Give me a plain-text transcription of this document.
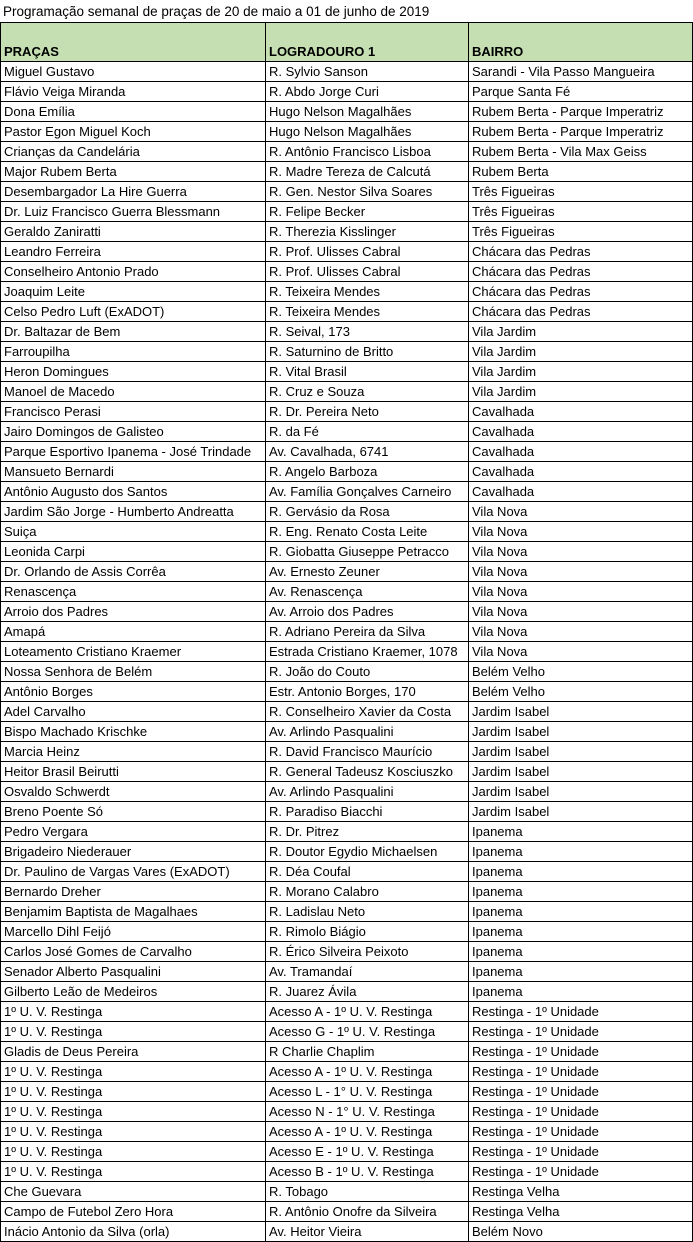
Programação semanal de praças de 20 de maio a 01 de junho de 2019
PRAÇAS	LOGRADOURO 1	BAIRRO
Miguel Gustavo	R. Sylvio Sanson	Sarandi - Vila Passo Mangueira
Flávio Veiga Miranda	R. Abdo Jorge Curi	Parque Santa Fé
Dona Emília	Hugo Nelson Magalhães	Rubem Berta - Parque Imperatriz
Pastor Egon Miguel Koch	Hugo Nelson Magalhães	Rubem Berta - Parque Imperatriz
Crianças da Candelária	R. Antônio Francisco Lisboa	Rubem Berta - Vila Max Geiss
Major Rubem Berta	R. Madre Tereza de Calcutá	Rubem Berta
Desembargador La Hire Guerra	R. Gen. Nestor Silva Soares	Três Figueiras
Dr. Luiz Francisco Guerra Blessmann	R. Felipe Becker	Três Figueiras
Geraldo Zaniratti	R. Therezia Kisslinger	Três Figueiras
Leandro Ferreira	R. Prof. Ulisses Cabral	Chácara das Pedras
Conselheiro Antonio Prado	R. Prof. Ulisses Cabral	Chácara das Pedras
Joaquim Leite	R. Teixeira Mendes	Chácara das Pedras
Celso Pedro Luft (ExADOT)	R. Teixeira Mendes	Chácara das Pedras
Dr. Baltazar de Bem	R. Seival, 173	Vila Jardim
Farroupilha	R. Saturnino de Britto	Vila Jardim
Heron Domingues	R. Vital Brasil	Vila Jardim
Manoel de Macedo	R. Cruz e Souza	Vila Jardim
Francisco Perasi	R. Dr. Pereira Neto	Cavalhada
Jairo Domingos de Galisteo	R. da Fé	Cavalhada
Parque Esportivo Ipanema - José Trindade	Av. Cavalhada, 6741	Cavalhada
Mansueto Bernardi	R. Angelo Barboza	Cavalhada
Antônio Augusto dos Santos	Av. Família Gonçalves Carneiro	Cavalhada
Jardim São Jorge - Humberto Andreatta	R. Gervásio da Rosa	Vila Nova
Suiça	R. Eng. Renato Costa Leite	Vila Nova
Leonida Carpi	R. Giobatta Giuseppe Petracco	Vila Nova
Dr. Orlando de Assis Corrêa	Av. Ernesto Zeuner	Vila Nova
Renascença	Av. Renascença	Vila Nova
Arroio dos Padres	Av. Arroio dos Padres	Vila Nova
Amapá	R. Adriano Pereira da Silva	Vila Nova
Loteamento Cristiano Kraemer	Estrada Cristiano Kraemer, 1078	Vila Nova
Nossa Senhora de Belém	R. João do Couto	Belém Velho
Antônio Borges	Estr. Antonio Borges, 170	Belém Velho
Adel Carvalho	R. Conselheiro Xavier da Costa	Jardim Isabel
Bispo Machado Krischke	Av. Arlindo Pasqualini	Jardim Isabel
Marcia Heinz	R. David Francisco Maurício	Jardim Isabel
Heitor Brasil Beirutti	R. General Tadeusz Kosciuszko	Jardim Isabel
Osvaldo Schwerdt	Av. Arlindo Pasqualini	Jardim Isabel
Breno Poente Só	R. Paradiso Biacchi	Jardim Isabel
Pedro Vergara	R. Dr. Pitrez	Ipanema
Brigadeiro Niederauer	R. Doutor Egydio Michaelsen	Ipanema
Dr. Paulino de Vargas Vares (ExADOT)	R. Déa Coufal	Ipanema
Bernardo Dreher	R. Morano Calabro	Ipanema
Benjamim Baptista de Magalhaes	R. Ladislau Neto	Ipanema
Marcello Dihl Feijó	R. Rimolo Biágio	Ipanema
Carlos José Gomes de Carvalho	R. Érico Silveira Peixoto	Ipanema
Senador Alberto Pasqualini	Av. Tramandaí	Ipanema
Gilberto Leão de Medeiros	R. Juarez Ávila	Ipanema
1º U. V. Restinga	Acesso A - 1º U. V. Restinga	Restinga - 1º Unidade
1º U. V. Restinga	Acesso G - 1º U. V. Restinga	Restinga - 1º Unidade
Gladis de Deus Pereira	R Charlie Chaplim	Restinga - 1º Unidade
1º U. V. Restinga	Acesso A - 1º U. V. Restinga	Restinga - 1º Unidade
1º U. V. Restinga	Acesso L - 1° U. V. Restinga	Restinga - 1º Unidade
1º U. V. Restinga	Acesso N - 1° U. V. Restinga	Restinga - 1º Unidade
1º U. V. Restinga	Acesso A - 1º U. V. Restinga	Restinga - 1º Unidade
1º U. V. Restinga	Acesso E - 1º U. V. Restinga	Restinga - 1º Unidade
1º U. V. Restinga	Acesso B - 1º U. V. Restinga	Restinga - 1º Unidade
Che Guevara	R. Tobago	Restinga Velha
Campo de Futebol Zero Hora	R. Antônio Onofre da Silveira	Restinga Velha
Inácio Antonio da Silva (orla)	Av. Heitor Vieira	Belém Novo
